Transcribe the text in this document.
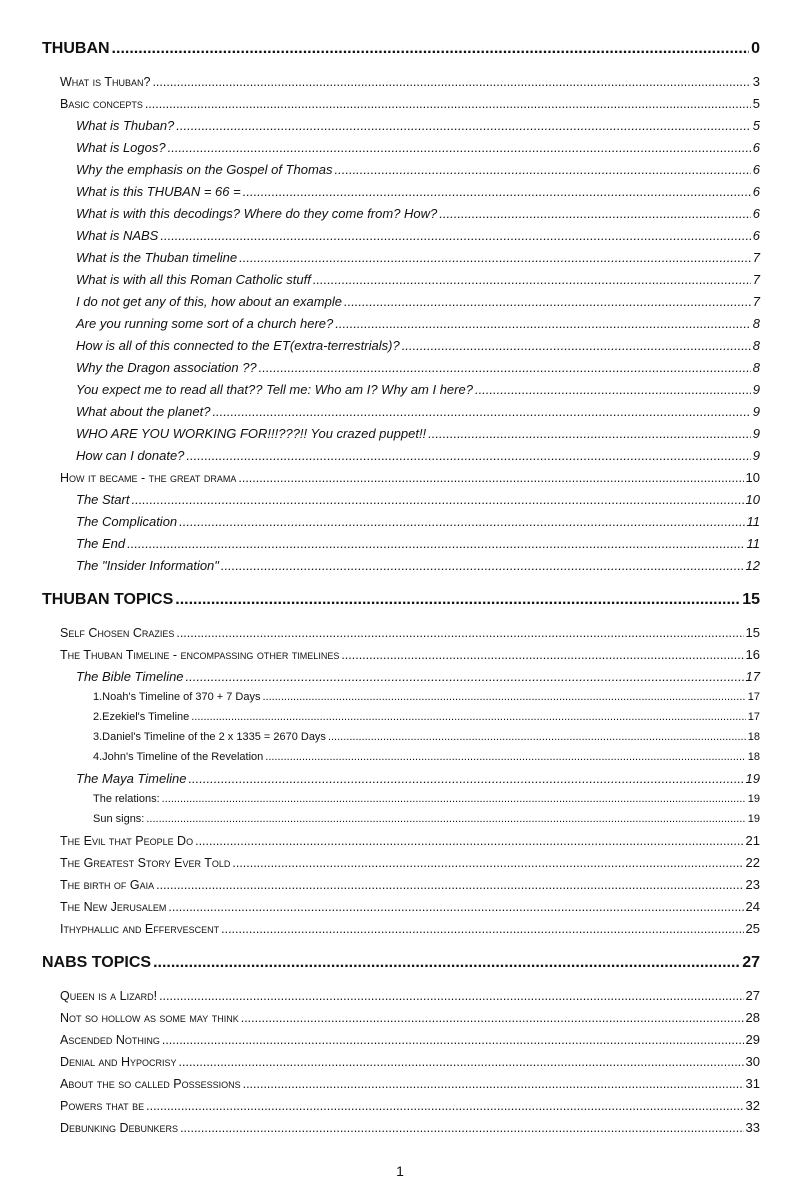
THUBAN .....	0
What is Thuban? .....	3
Basic concepts .....	5
What is Thuban? .....	5
What is Logos? .....	6
Why the emphasis on the Gospel of Thomas .....	6
What is this THUBAN = 66 = .....	6
What is with this decodings? Where do they come from? How? .....	6
What is NABS .....	6
What is the Thuban timeline .....	7
What is with all this Roman Catholic stuff .....	7
I do not get any of this, how about an example .....	7
Are you running some sort of a church here? .....	8
How is all of this connected to the ET(extra-terrestrials)? .....	8
Why the Dragon association ?? .....	8
You expect me to read all that?? Tell me: Who am I? Why am I here? .....	9
What about the planet? .....	9
WHO ARE YOU WORKING FOR!!!???!! You crazed puppet!! .....	9
How can I donate? .....	9
How it became - the great drama .....	10
The Start .....	10
The Complication .....	11
The End .....	11
The "Insider Information" .....	12
THUBAN TOPICS .....	15
Self Chosen Crazies .....	15
The Thuban Timeline - encompassing other timelines .....	16
The Bible Timeline .....	17
1.Noah's Timeline of 370 + 7 Days .....	17
2.Ezekiel's Timeline .....	17
3.Daniel's Timeline of the 2 x 1335 = 2670 Days .....	18
4.John's Timeline of the Revelation .....	18
The Maya Timeline .....	19
The relations: .....	19
Sun signs: .....	19
The Evil that People Do .....	21
The Greatest Story Ever Told .....	22
The birth of Gaia .....	23
The New Jerusalem .....	24
Ithyphallic and Effervescent .....	25
NABS TOPICS .....	27
Queen is a Lizard! .....	27
Not so hollow as some may think .....	28
Ascended Nothing .....	29
Denial and Hypocrisy .....	30
About the so called Possessions .....	31
Powers that be .....	32
Debunking Debunkers .....	33
1
